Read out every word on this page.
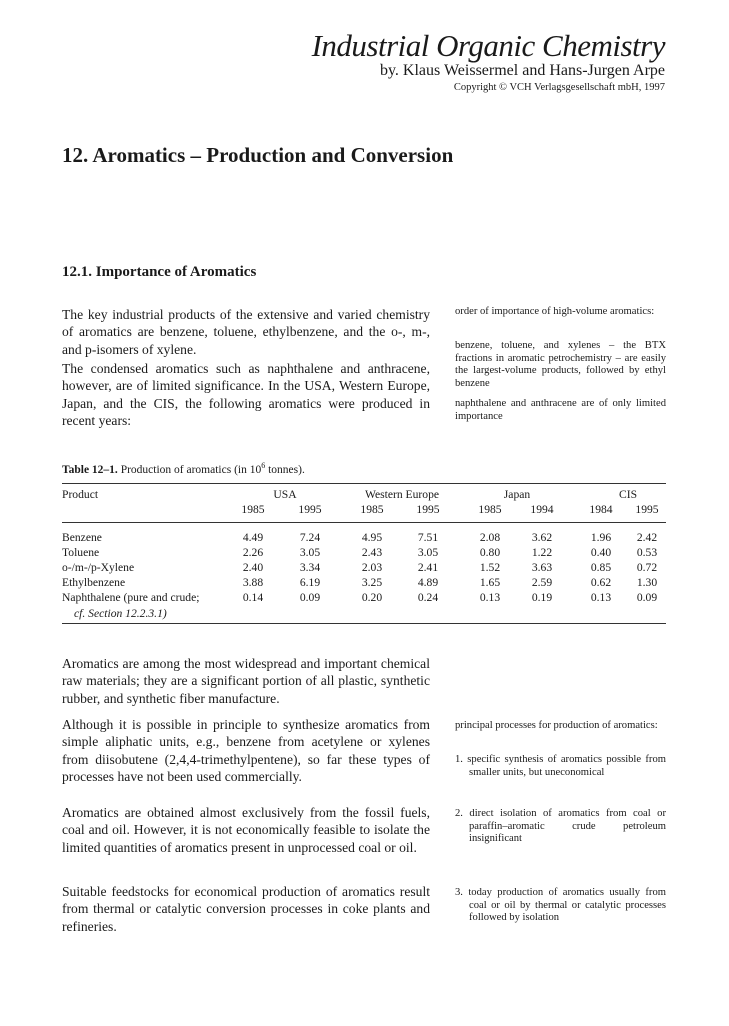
Industrial Organic Chemistry
by. Klaus Weissermel and Hans-Jurgen Arpe
Copyright © VCH Verlagsgesellschaft mbH, 1997
12. Aromatics – Production and Conversion
12.1. Importance of Aromatics
The key industrial products of the extensive and varied chemistry of aromatics are benzene, toluene, ethylbenzene, and the o-, m-, and p-isomers of xylene.
The condensed aromatics such as naphthalene and anthracene, however, are of limited significance. In the USA, Western Europe, Japan, and the CIS, the following aromatics were produced in recent years:
Aromatics are among the most widespread and important chemical raw materials; they are a significant portion of all plastic, synthetic rubber, and synthetic fiber manufacture.
Although it is possible in principle to synthesize aromatics from simple aliphatic units, e.g., benzene from acetylene or xylenes from diisobutene (2,4,4-trimethylpentene), so far these types of processes have not been used commercially.
Aromatics are obtained almost exclusively from the fossil fuels, coal and oil. However, it is not economically feasible to isolate the limited quantities of aromatics present in unprocessed coal or oil.
Suitable feedstocks for economical production of aromatics result from thermal or catalytic conversion processes in coke plants and refineries.
order of importance of high-volume aromatics:
benzene, toluene, and xylenes – the BTX fractions in aromatic petrochemistry – are easily the largest-volume products, followed by ethyl benzene
naphthalene and anthracene are of only limited importance
principal processes for production of aromatics:
1. specific synthesis of aromatics possible from smaller units, but uneconomical
2. direct isolation of aromatics from coal or paraffin–aromatic crude petroleum insignificant
3. today production of aromatics usually from coal or oil by thermal or catalytic processes followed by isolation
Table 12–1. Production of aromatics (in $10^6$ tonnes).
Product	USA	Western Europe	Japan	CIS
1985	1995	1985	1995	1985 1994	1984 1995
Benzene	4.49	7.24	4.95	7.51	2.08	3.62	1.96 2.42
Toluene	2.26	3.05	2.43	3.05	0.80	1.22	0.40 0.53
o-/m-/p-Xylene	2.40	3.34	2.03	2.41	1.52	3.63	0.85 0.72
Ethylbenzene	3.88	6.19	3.25	4.89	1.65	2.59	0.62 1.30
Naphthalene (pure and crude;	0.14	0.09	0.20	0.24	0.13	0.19	0.13 0.09
cf. Section 12.2.3.1)
